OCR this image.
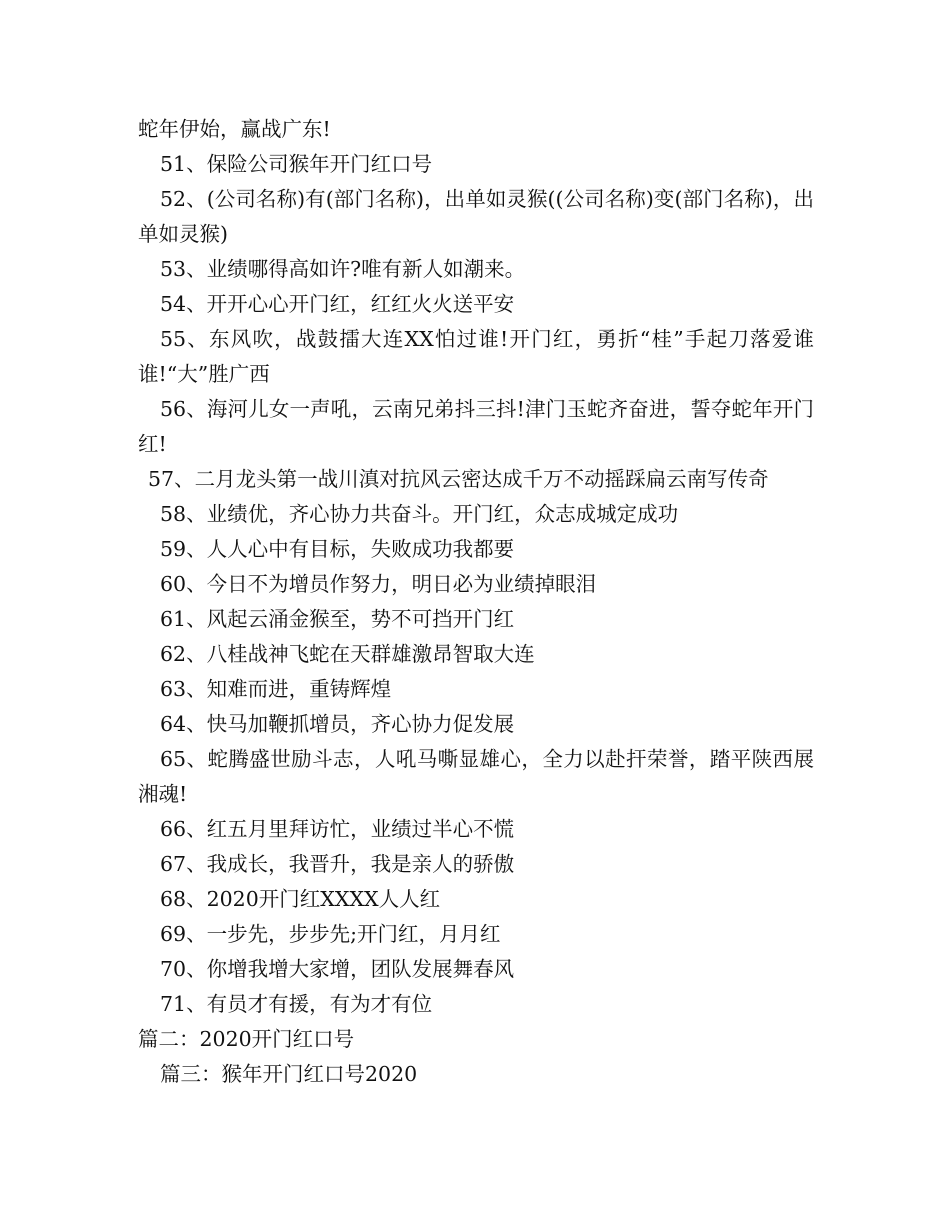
蛇年伊始，赢战广东!

51、保险公司猴年开门红口号

52、(公司名称)有(部门名称)，出单如灵猴((公司名称)变(部门名称)，出单如灵猴)

53、业绩哪得高如许?唯有新人如潮来。

54、开开心心开门红，红红火火送平安

55、东风吹，战鼓擂大连XX怕过谁!开门红，勇折“桂”手起刀落爱谁谁!“大”胜广西

56、海河儿女一声吼，云南兄弟抖三抖!津门玉蛇齐奋进，誓夺蛇年开门红!

57、二月龙头第一战川滇对抗风云密达成千万不动摇踩扁云南写传奇

58、业绩优，齐心协力共奋斗。开门红，众志成城定成功

59、人人心中有目标，失败成功我都要

60、今日不为增员作努力，明日必为业绩掉眼泪

61、风起云涌金猴至，势不可挡开门红

62、八桂战神飞蛇在天群雄激昂智取大连

63、知难而进，重铸辉煌

64、快马加鞭抓增员，齐心协力促发展

65、蛇腾盛世励斗志，人吼马嘶显雄心，全力以赴扞荣誉，踏平陕西展湘魂!

66、红五月里拜访忙，业绩过半心不慌

67、我成长，我晋升，我是亲人的骄傲

68、2020开门红XXXX人人红

69、一步先，步步先;开门红，月月红

70、你增我增大家增，团队发展舞春风

71、有员才有援，有为才有位

篇二：2020开门红口号

篇三：猴年开门红口号2020
